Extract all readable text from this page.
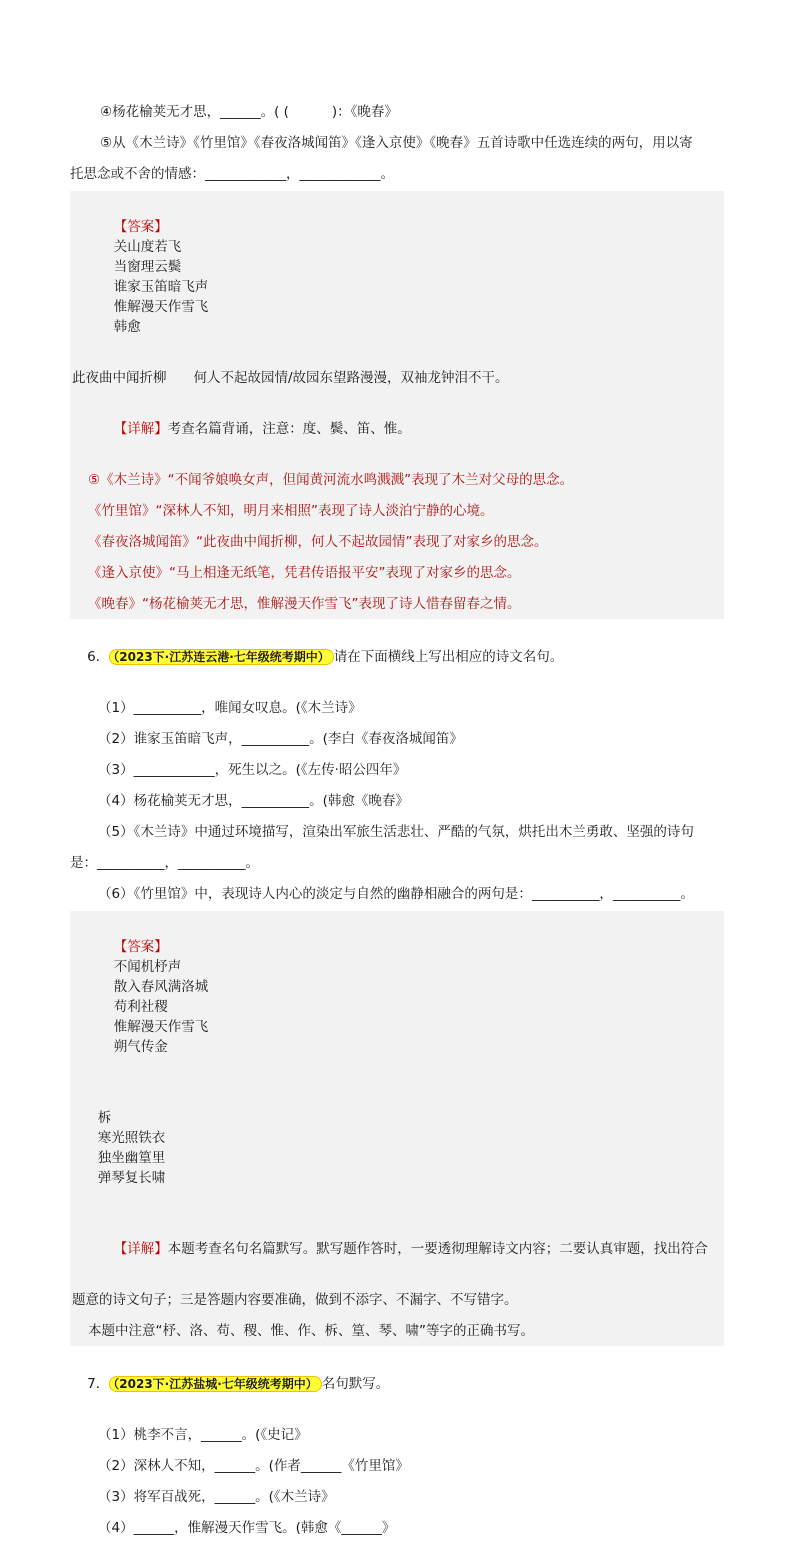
④杨花榆荚无才思，______。( (          )：《晚春》
⑤从《木兰诗》《竹里馆》《春夜洛城闻笛》《逢入京使》《晚春》五首诗歌中任选连续的两句，用以寄
托思念或不舍的情感：____________，____________。

【答案】
关山度若飞
当窗理云鬓
谁家玉笛暗飞声
惟解漫天作雪飞
韩愈

此夜曲中闻折柳　　何人不起故园情/故园东望路漫漫，双袖龙钟泪不干。

【详解】考查名篇背诵，注意：度、鬓、笛、惟。

⑤《木兰诗》“不闻爷娘唤女声，但闻黄河流水鸣溅溅”表现了木兰对父母的思念。
《竹里馆》“深林人不知，明月来相照”表现了诗人淡泊宁静的心境。
《春夜洛城闻笛》“此夜曲中闻折柳，何人不起故园情”表现了对家乡的思念。
《逢入京使》“马上相逢无纸笔，凭君传语报平安”表现了对家乡的思念。
《晚春》“杨花榆荚无才思，惟解漫天作雪飞”表现了诗人惜春留春之情。

6． （2023下·江苏连云港·七年级统考期中） 请在下面横线上写出相应的诗文名句。

（1）__________，唯闻女叹息。(《木兰诗》
（2）谁家玉笛暗飞声，__________。(李白《春夜洛城闻笛》
（3）____________，死生以之。(《左传·昭公四年》
（4）杨花榆荚无才思，__________。(韩愈《晚春》
（5）《木兰诗》中通过环境描写，渲染出军旅生活悲壮、严酷的气氛，烘托出木兰勇敢、坚强的诗句
是：__________，__________。
（6）《竹里馆》中，表现诗人内心的淡定与自然的幽静相融合的两句是：__________，__________。

【答案】
不闻机杼声
散入春风满洛城
苟利社稷
惟解漫天作雪飞
朔气传金

柝
寒光照铁衣
独坐幽篁里
弹琴复长啸

【详解】本题考查名句名篇默写。默写题作答时，一要透彻理解诗文内容；二要认真审题，找出符合

题意的诗文句子；三是答题内容要准确，做到不添字、不漏字、不写错字。
本题中注意“杼、洛、苟、稷、惟、作、柝、篁、琴、啸”等字的正确书写。

7． （2023下·江苏盐城·七年级统考期中） 名句默写。

（1）桃李不言，______。(《史记》
（2）深林人不知，______。(作者______《竹里馆》
（3）将军百战死，______。(《木兰诗》
（4）______，惟解漫天作雪飞。(韩愈《______》
